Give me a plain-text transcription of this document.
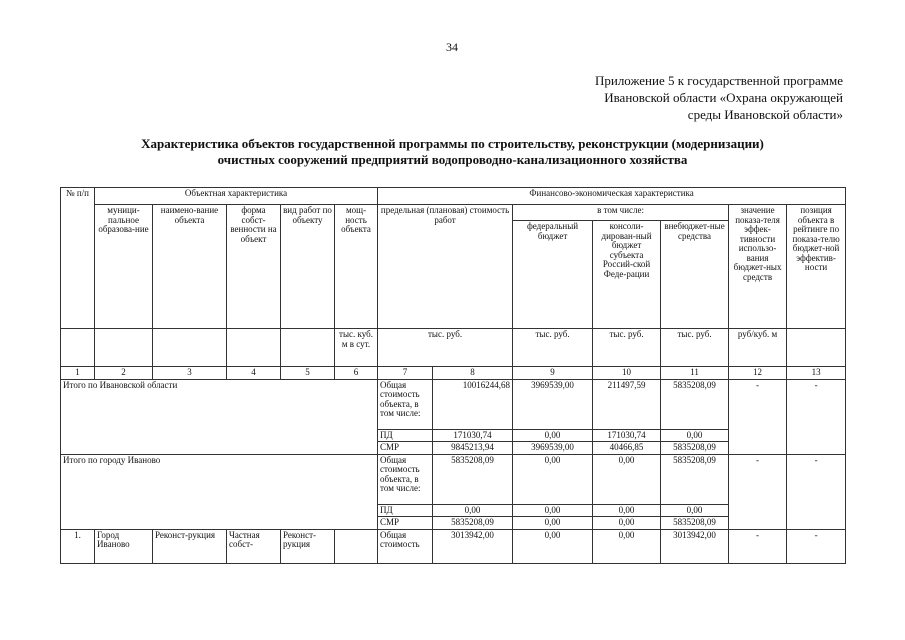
34
Приложение 5 к государственной программе
Ивановской области «Охрана окружающей
среды Ивановской области»
Характеристика объектов государственной программы по строительству, реконструкции (модернизации)
очистных сооружений предприятий водопроводно-канализационного хозяйства
№ п/п	Объектная характеристика					Финансово-экономическая характеристика						
	муници-пальное образова-ние	наимено-вание объекта	форма собст-венности на объект	вид работ по объекту	мощ-ность объекта	предельная (плановая) стоимость работ		в том числе:			значение показа-теля эффек-тивности использо-вания бюджет-ных средств	позиция объекта в рейтинге по показа-телю бюджет-ной эффектив-ности
								федеральный бюджет	консоли-дирован-ный бюджет субъекта Россий-ской Феде-рации	внебюджет-ные средства		
					тыс. куб. м в сут.	тыс. руб.		тыс. руб.	тыс. руб.	тыс. руб.	руб/куб. м	
1	2	3	4	5	6	7	8	9	10	11	12	13
Итого по Ивановской области						Общая стоимость объекта, в том числе:	10016244,68	3969539,00	211497,59	5835208,09	-	-
						ПД	171030,74	0,00	171030,74	0,00		
						СМР	9845213,94	3969539,00	40466,85	5835208,09		
Итого по городу Иваново						Общая стоимость объекта, в том числе:	5835208,09	0,00	0,00	5835208,09	-	-
						ПД	0,00	0,00	0,00	0,00		
						СМР	5835208,09	0,00	0,00	5835208,09		
1.	Город Иваново	Реконст-рукция	Частная собст-	Реконст-рукция		Общая стоимость	3013942,00	0,00	0,00	3013942,00	-	-
